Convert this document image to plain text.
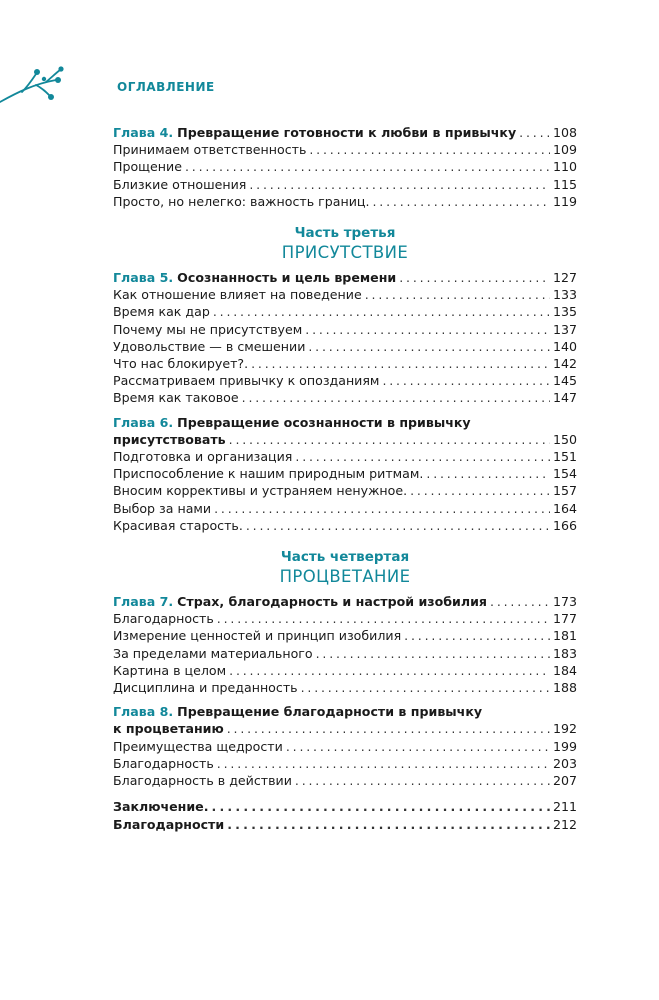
ОГЛАВЛЕНИЕ
Глава 4.
Превращение готовности к любви в привычку . . .	108
Принимаем ответственность . . .	109
Прощение . . .	110
Близкие отношения . . .	115
Просто, но нелегко: важность границ. . . .	119
Часть третья
ПРИСУТСТВИЕ
Глава 5.
Осознанность и цель времени . . .	127
Как отношение влияет на поведение . . .	133
Время как дар . . .	135
Почему мы не присутствуем . . .	137
Удовольствие — в смешении . . .	140
Что нас блокирует?. . . .	142
Рассматриваем привычку к опозданиям . . .	145
Время как таковое . . .	147
Глава 6.
Превращение осознанности в привычку
присутствовать . . .	150
Подготовка и организация . . .	151
Приспособление к нашим природным ритмам. . . .	154
Вносим коррективы и устраняем ненужное. . . .	157
Выбор за нами . . .	164
Красивая старость. . . .	166
Часть четвертая
ПРОЦВЕТАНИЕ
Глава 7.
Страх, благодарность и настрой изобилия . . .	173
Благодарность . . .	177
Измерение ценностей и принцип изобилия . . .	181
За пределами материального . . .	183
Картина в целом . . .	184
Дисциплина и преданность . . .	188
Глава 8.
Превращение благодарности в привычку
к процветанию . . .	192
Преимущества щедрости . . .	199
Благодарность . . .	203
Благодарность в действии . . .	207
Заключение. . . .	211
Благодарности . . .	212
